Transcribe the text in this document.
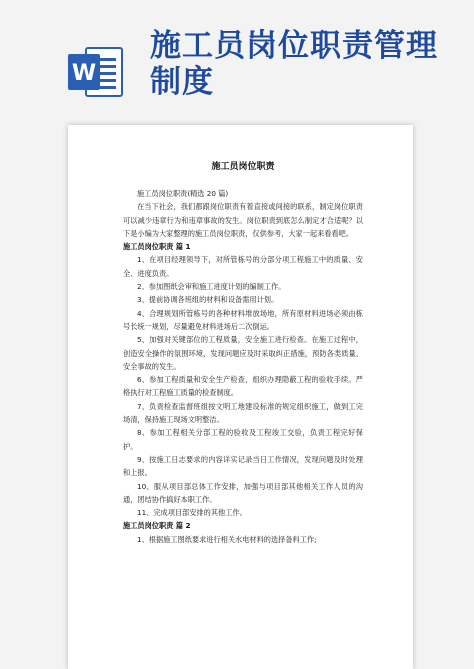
W
施工员岗位职责管理制度
施工员岗位职责

施工员岗位职责(精选 20 篇)

在当下社会，我们都跟岗位职责有着直接或间接的联系，制定岗位职责可以减少违章行为和违章事故的发生。岗位职责到底怎么制定才合适呢？以下是小编为大家整理的施工员岗位职责，仅供参考，大家一起来看看吧。

施工员岗位职责 篇 1

1、在项目经理领导下，对所管栋号的分部分项工程施工中的质量、安全、进度负责。

2、参加图纸会审和施工进度计划的编制工作。

3、提前协调各班组的材料和设备需用计划。

4、合理规划所管栋号的各种材料堆放场地，所有原材料进场必须由栋号长统一规划，尽量避免材料进场后二次倒运。

5、加强对关键部位的工程质量，安全施工进行检查。在施工过程中，创造安全操作的氛围环境，发现问题应及时采取纠正措施，预防各类质量、安全事故的发生。

6、参加工程质量和安全生产检查，组织办理隐蔽工程的验收手续。严格执行对工程施工质量的检查制度。

7、负责检查监督班组按文明工地建设标准的规定组织施工，做到工完场清，保持施工现场文明整洁。

8、参加工程相关分部工程的验收及工程竣工交验，负责工程完好保护。

9、按施工日志要求的内容详实记录当日工作情况，发现问题及时处理和上报。

10、服从项目部总体工作安排，加强与项目部其他相关工作人员的沟通，团结协作搞好本职工作。

11、完成项目部安排的其他工作。

施工员岗位职责 篇 2

1、根据施工图纸要求进行相关水电材料的选择备料工作;
